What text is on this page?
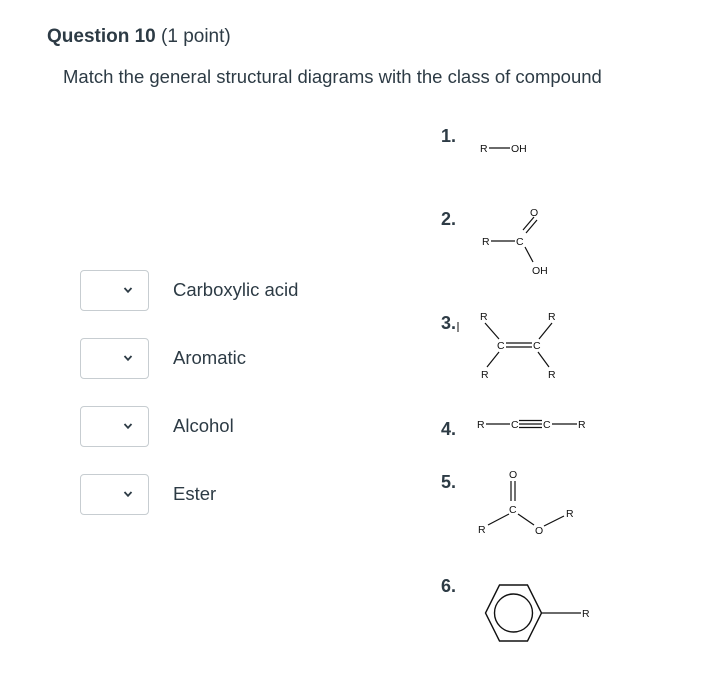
Question 10 (1 point)
Match the general structural diagrams with the class of compound
Carboxylic acid
Aromatic
Alcohol
Ester
1.
R OH
2.	O
R	C
OH
3. R	R
C	C
R	R
4. R	C C	R
5.	O
C
R	O
R
6.
R
